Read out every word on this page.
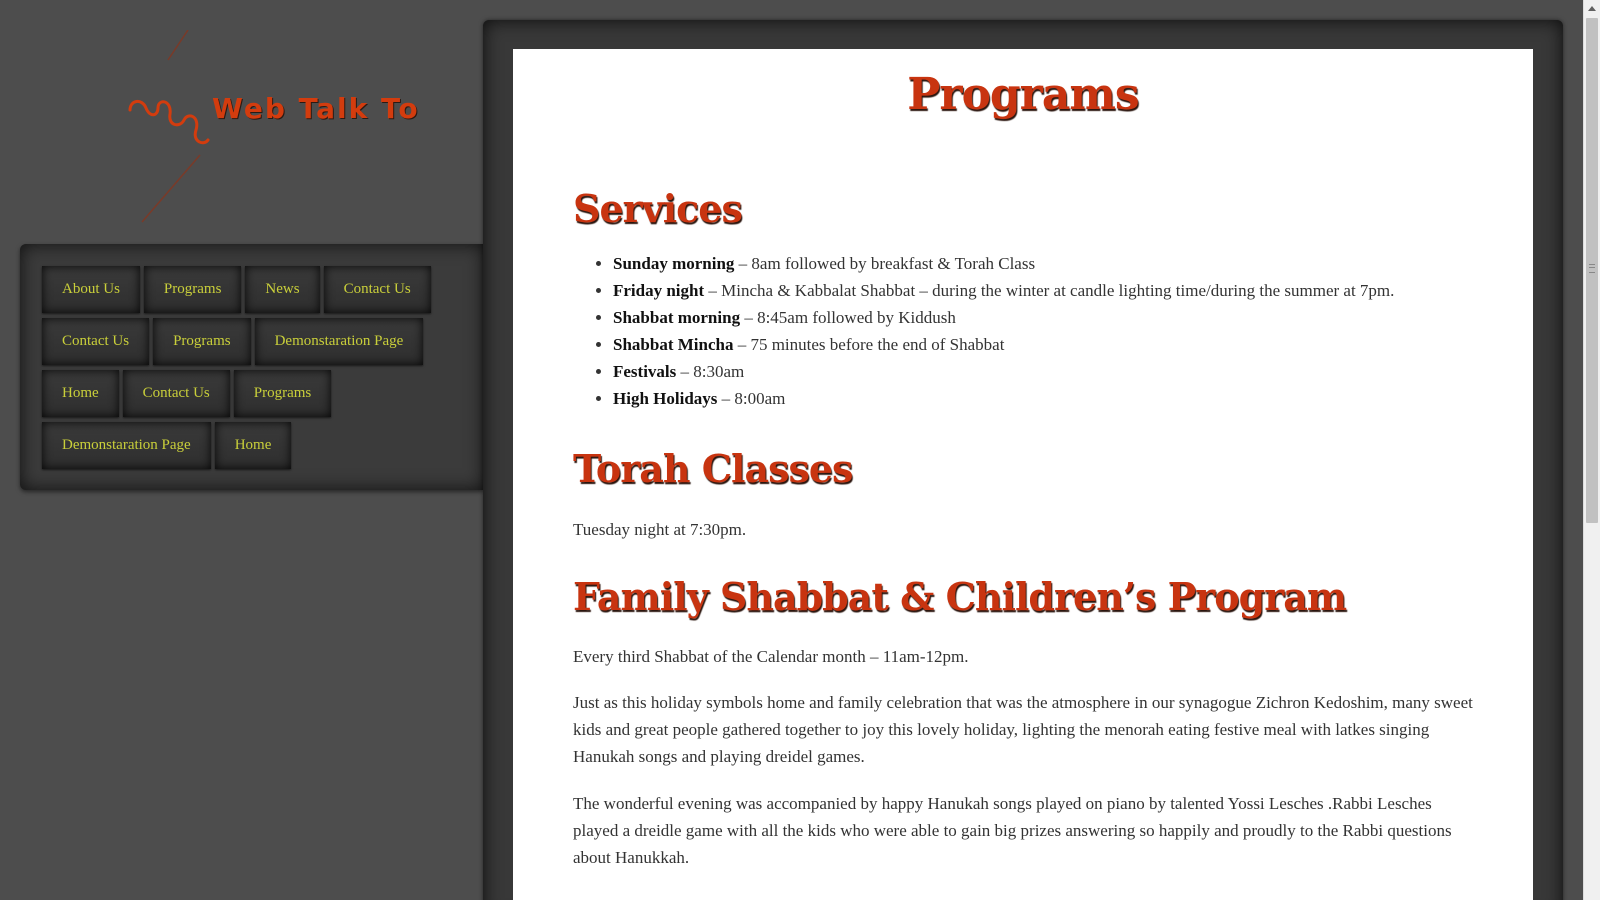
Web Talk To
About Us	Programs	News	Contact Us
Contact Us	Programs	Demonstaration Page
Home	Contact Us	Programs
Demonstaration Page	Home
Programs
Services
• Sunday morning – 8am followed by breakfast & Torah Class
• Friday night – Mincha & Kabbalat Shabbat – during the winter at candle lighting time/during the summer at 7pm.
• Shabbat morning – 8:45am followed by Kiddush
• Shabbat Mincha – 75 minutes before the end of Shabbat
• Festivals – 8:30am
• High Holidays – 8:00am
Torah Classes

Tuesday night at 7:30pm.

Family Shabbat & Children’s Program

Every third Shabbat of the Calendar month – 11am-12pm.

Just as this holiday symbols home and family celebration that was the atmosphere in our synagogue Zichron Kedoshim, many sweet kids and great people gathered together to joy this lovely holiday, lighting the menorah eating festive meal with latkes singing Hanukah songs and playing dreidel games.

The wonderful evening was accompanied by happy Hanukah songs played on piano by talented Yossi Lesches .Rabbi Lesches played a dreidle game with all the kids who were able to gain big prizes answering so happily and proudly to the Rabbi questions about Hanukkah.
